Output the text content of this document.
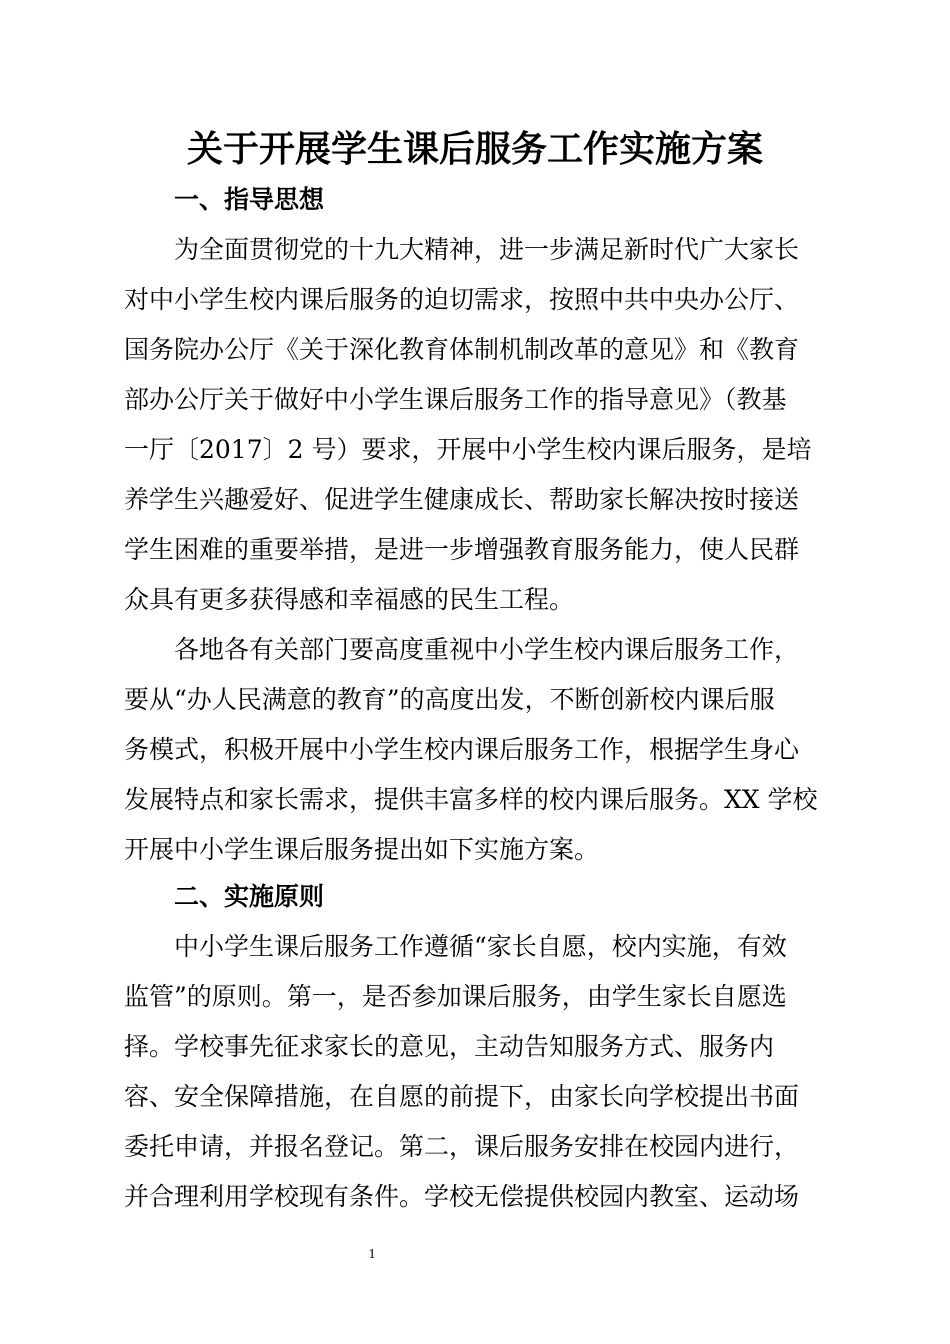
关于开展学生课后服务工作实施方案
一、指导思想
　　为全面贯彻党的十九大精神，进一步满足新时代广大家长
对中小学生校内课后服务的迫切需求，按照中共中央办公厅、
国务院办公厅《关于深化教育体制机制改革的意见》和《教育
部办公厅关于做好中小学生课后服务工作的指导意见》（教基
一厅〔2017〕2 号）要求，开展中小学生校内课后服务，是培
养学生兴趣爱好、促进学生健康成长、帮助家长解决按时接送
学生困难的重要举措，是进一步增强教育服务能力，使人民群
众具有更多获得感和幸福感的民生工程。
　　各地各有关部门要高度重视中小学生校内课后服务工作，
要从“办人民满意的教育”的高度出发，不断创新校内课后服
务模式，积极开展中小学生校内课后服务工作，根据学生身心
发展特点和家长需求，提供丰富多样的校内课后服务。XX 学校
开展中小学生课后服务提出如下实施方案。
二、实施原则
　　中小学生课后服务工作遵循“家长自愿，校内实施，有效
监管”的原则。第一，是否参加课后服务，由学生家长自愿选
择。学校事先征求家长的意见，主动告知服务方式、服务内
容、安全保障措施，在自愿的前提下，由家长向学校提出书面
委托申请，并报名登记。第二，课后服务安排在校园内进行，
并合理利用学校现有条件。学校无偿提供校园内教室、运动场
1
